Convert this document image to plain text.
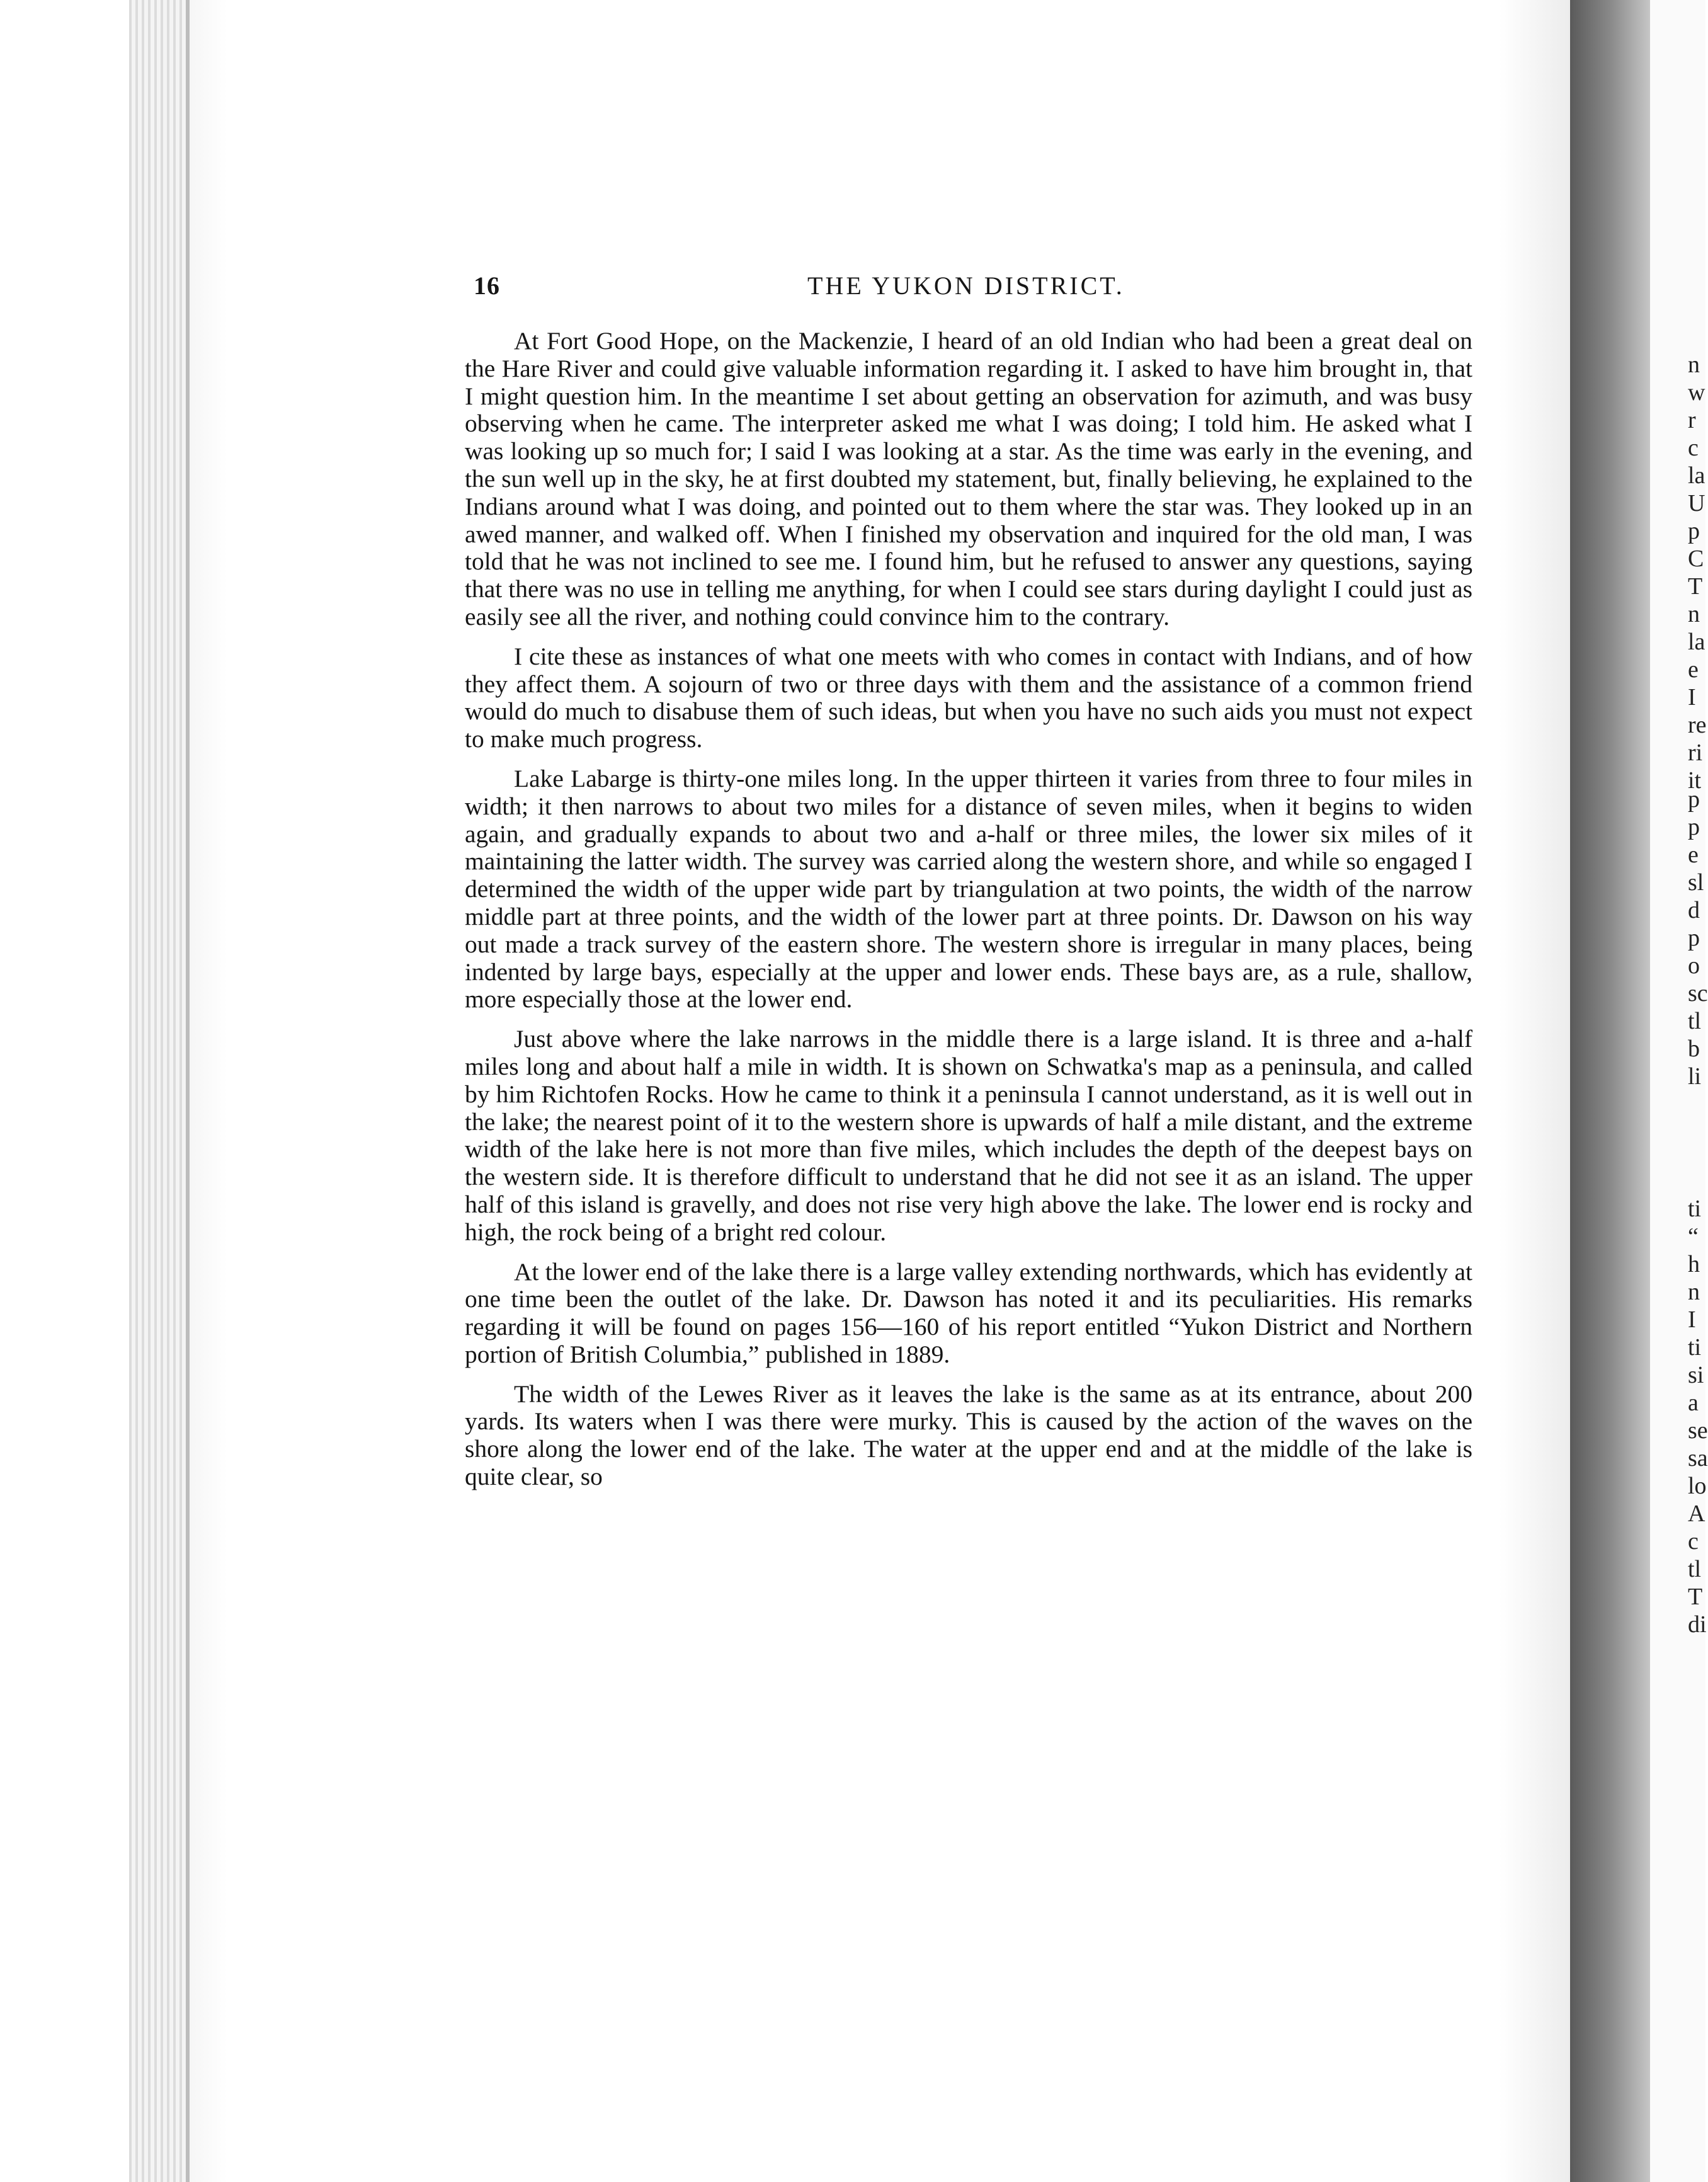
16	THE YUKON DISTRICT.

At Fort Good Hope, on the Mackenzie, I heard of an old Indian who had been a great deal on the Hare River and could give valuable information regarding it. I asked to have him brought in, that I might question him. In the meantime I set about getting an observation for azimuth, and was busy observing when he came. The interpreter asked me what I was doing; I told him. He asked what I was looking up so much for; I said I was looking at a star. As the time was early in the evening, and the sun well up in the sky, he at first doubted my statement, but, finally believing, he explained to the Indians around what I was doing, and pointed out to them where the star was. They looked up in an awed manner, and walked off. When I finished my observation and inquired for the old man, I was told that he was not inclined to see me. I found him, but he refused to answer any questions, saying that there was no use in telling me anything, for when I could see stars during daylight I could just as easily see all the river, and nothing could convince him to the contrary.

I cite these as instances of what one meets with who comes in contact with Indians, and of how they affect them. A sojourn of two or three days with them and the assistance of a common friend would do much to disabuse them of such ideas, but when you have no such aids you must not expect to make much progress.

Lake Labarge is thirty-one miles long. In the upper thirteen it varies from three to four miles in width; it then narrows to about two miles for a distance of seven miles, when it begins to widen again, and gradually expands to about two and a-half or three miles, the lower six miles of it maintaining the latter width. The survey was carried along the western shore, and while so engaged I determined the width of the upper wide part by triangulation at two points, the width of the narrow middle part at three points, and the width of the lower part at three points. Dr. Dawson on his way out made a track survey of the eastern shore. The western shore is irregular in many places, being indented by large bays, especially at the upper and lower ends. These bays are, as a rule, shallow, more especially those at the lower end.

Just above where the lake narrows in the middle there is a large island. It is three and a-half miles long and about half a mile in width. It is shown on Schwatka's map as a peninsula, and called by him Richtofen Rocks. How he came to think it a peninsula I cannot understand, as it is well out in the lake; the nearest point of it to the western shore is upwards of half a mile distant, and the extreme width of the lake here is not more than five miles, which includes the depth of the deepest bays on the western side. It is therefore difficult to understand that he did not see it as an island. The upper half of this island is gravelly, and does not rise very high above the lake. The lower end is rocky and high, the rock being of a bright red colour.

At the lower end of the lake there is a large valley extending northwards, which has evidently at one time been the outlet of the lake. Dr. Dawson has noted it and its peculiarities. His remarks regarding it will be found on pages 156—160 of his report entitled “Yukon District and Northern portion of British Columbia,” published in 1889.

The width of the Lewes River as it leaves the lake is the same as at its entrance, about 200 yards. Its waters when I was there were murky. This is caused by the action of the waves on the shore along the lower end of the lake. The water at the upper end and at the middle of the lake is quite clear, so

n
w
r
c
la
U
p
C
T
n
la
e
I
re
ri
it
p
p
e
sl
d
p
o
sc
tl
b
li
ti
“
h
n
I
ti
si
a
se
sa
lo
A
c
tl
T
di
